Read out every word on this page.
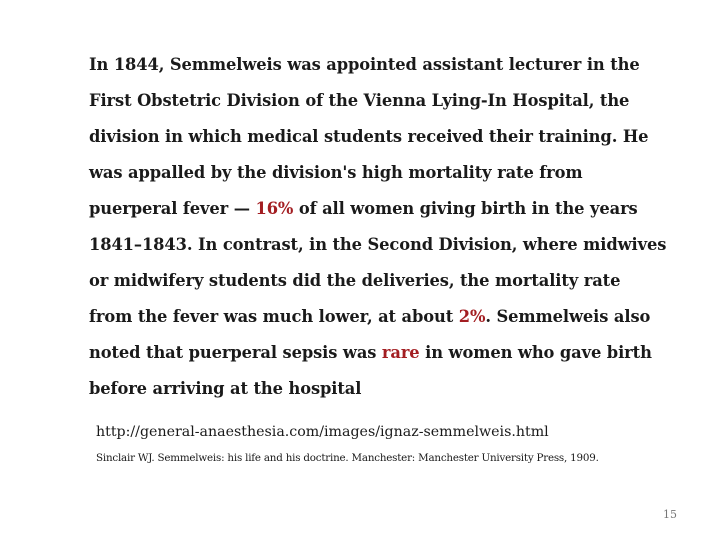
In 1844, Semmelweis was appointed assistant lecturer in the
First Obstetric Division of the Vienna Lying-In Hospital, the
division in which medical students received their training. He
was appalled by the division's high mortality rate from
puerperal fever — 16% of all women giving birth in the years
1841–1843. In contrast, in the Second Division, where midwives
or midwifery students did the deliveries, the mortality rate
from the fever was much lower, at about 2%. Semmelweis also
noted that puerperal sepsis was rare in women who gave birth
before arriving at the hospital

http://general-anaesthesia.com/images/ignaz-semmelweis.html
Sinclair WJ. Semmelweis: his life and his doctrine. Manchester: Manchester University Press, 1909.
15
